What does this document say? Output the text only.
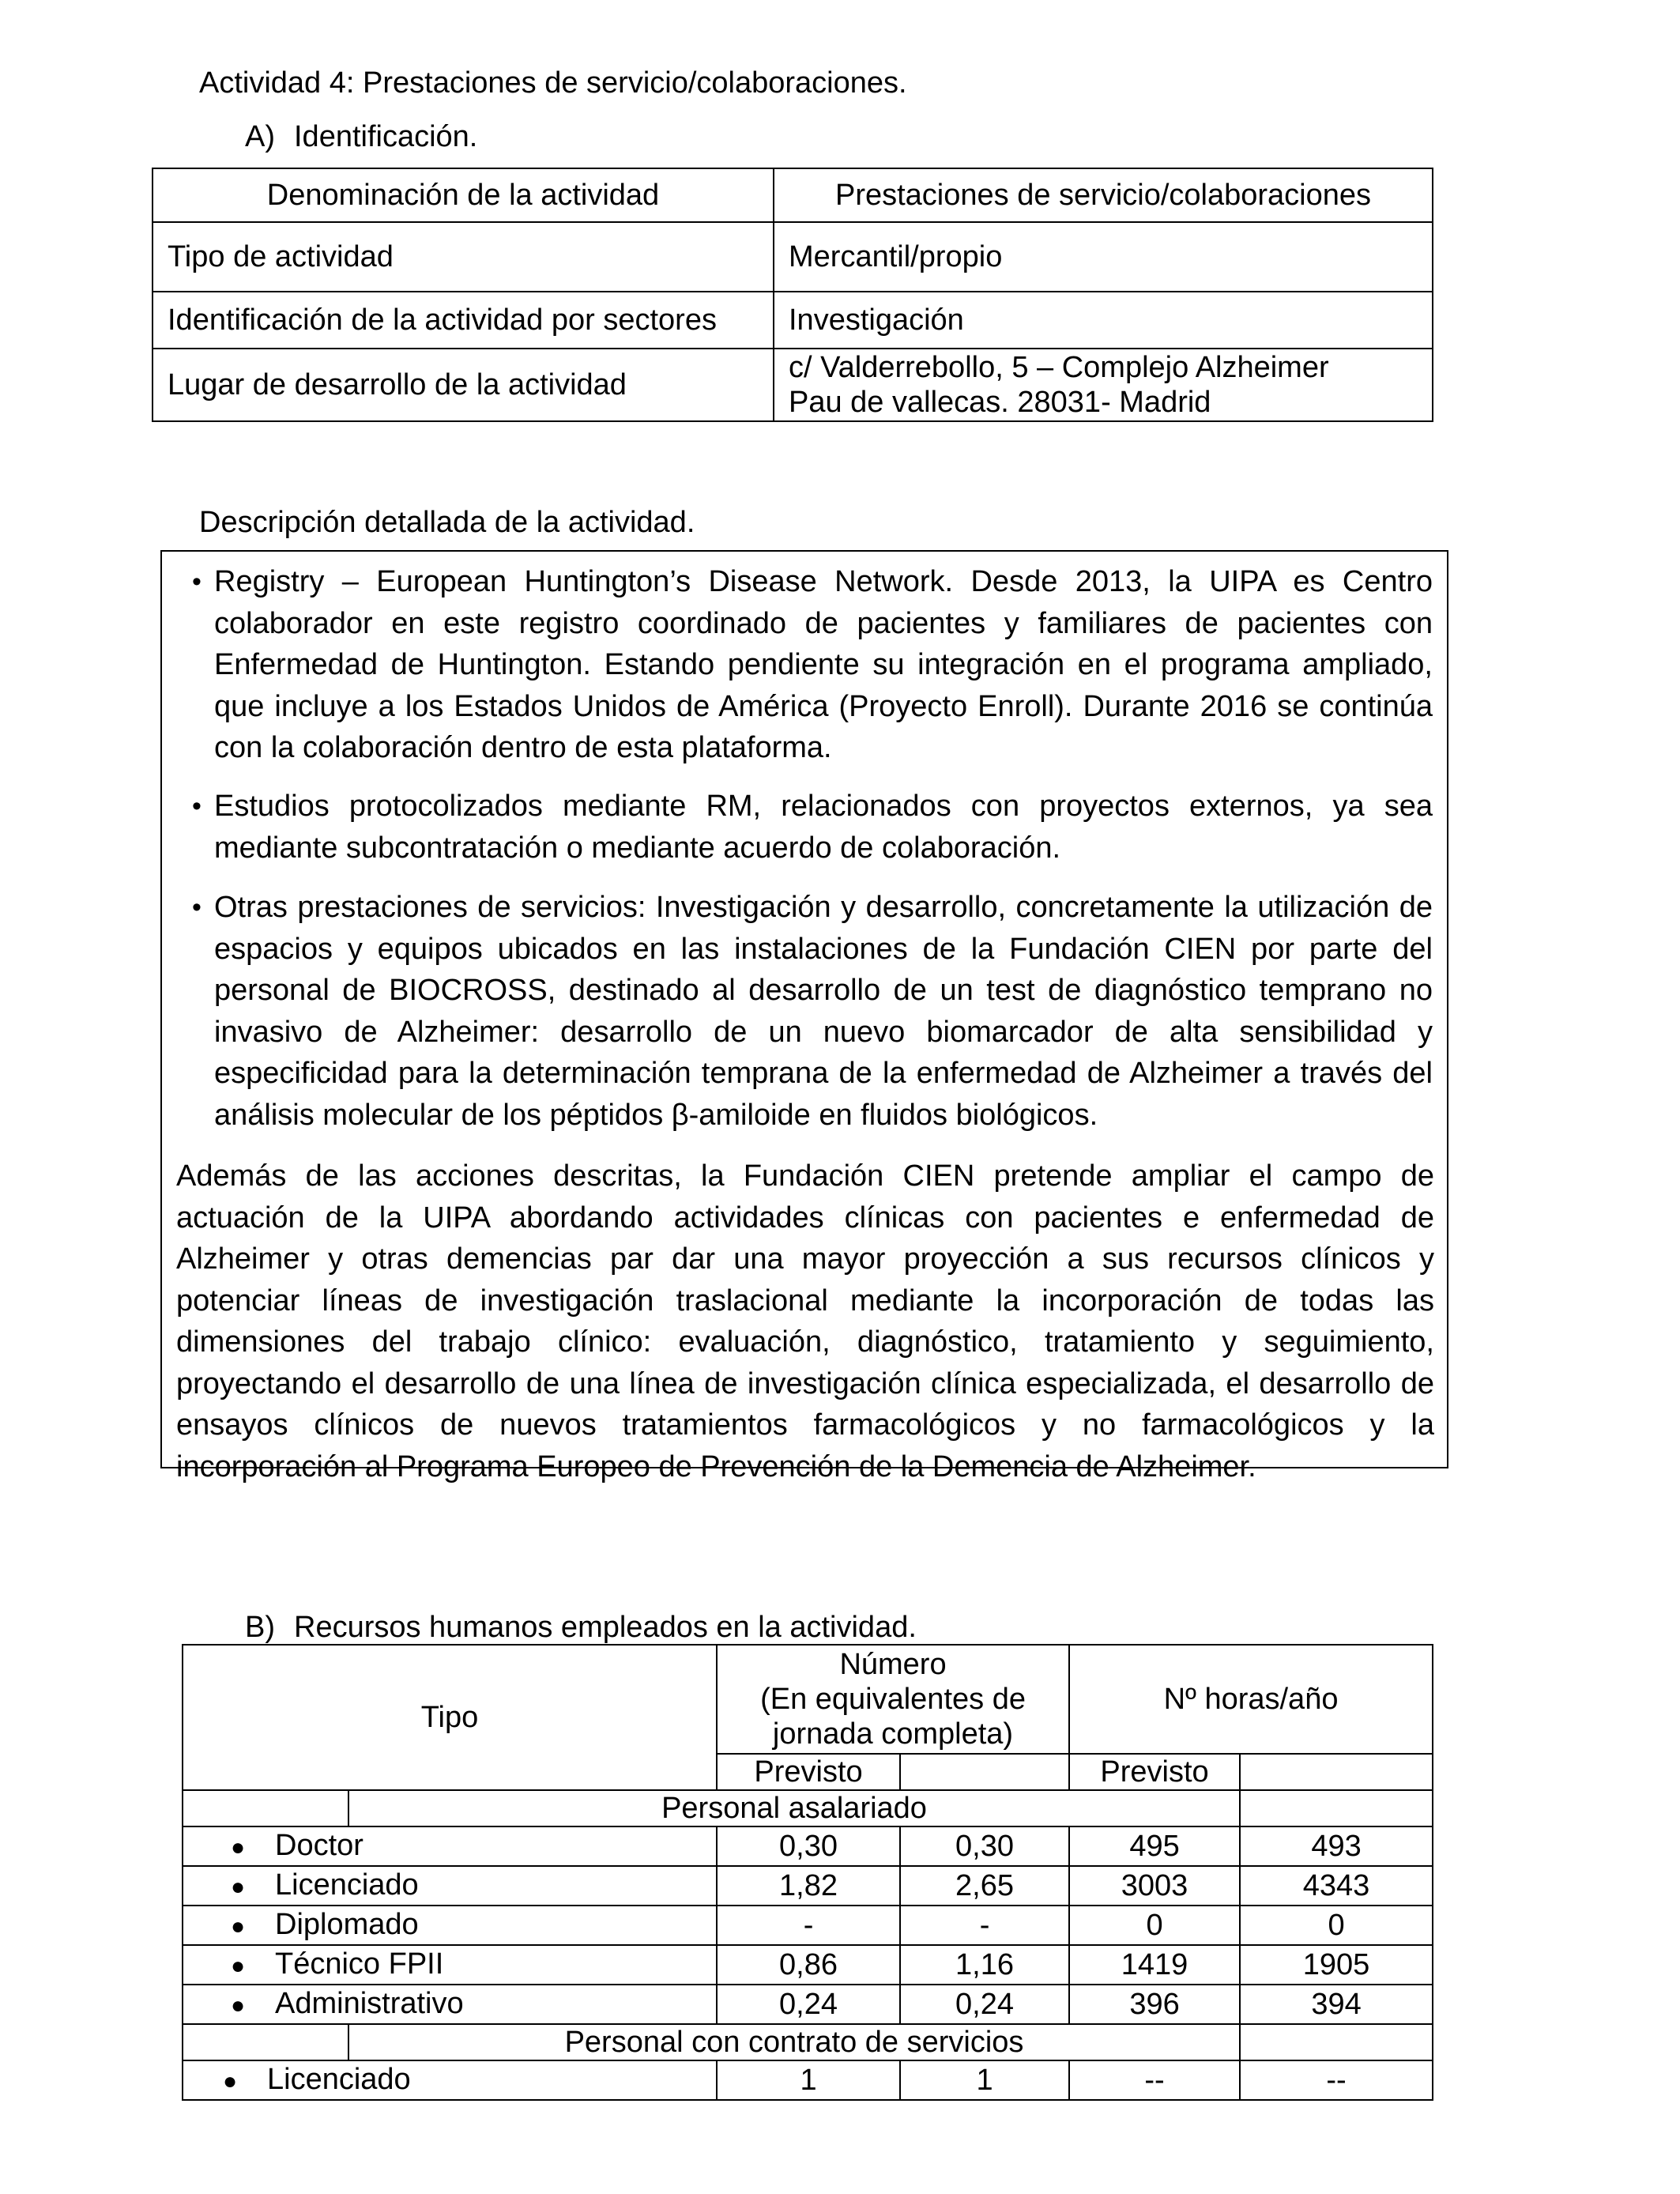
Actividad 4: Prestaciones de servicio/colaboraciones.
A) Identificación.
Denominación de la actividad	Prestaciones de servicio/colaboraciones
Tipo de actividad	Mercantil/propio
Identificación de la actividad por sectores	Investigación
Lugar de desarrollo de la actividad	c/ Valderrebollo, 5 – Complejo Alzheimer
Pau de vallecas. 28031- Madrid
Descripción detallada de la actividad.
• Registry – European Huntington’s Disease Network. Desde 2013, la UIPA es Centro colaborador en este registro coordinado de pacientes y familiares de pacientes con Enfermedad de Huntington. Estando pendiente su integración en el programa ampliado, que incluye a los Estados Unidos de América (Proyecto Enroll). Durante 2016 se continúa con la colaboración dentro de esta plataforma.
• Estudios protocolizados mediante RM, relacionados con proyectos externos, ya sea mediante subcontratación o mediante acuerdo de colaboración.
• Otras prestaciones de servicios: Investigación y desarrollo, concretamente la utilización de espacios y equipos ubicados en las instalaciones de la Fundación CIEN por parte del personal de BIOCROSS, destinado al desarrollo de un test de diagnóstico temprano no invasivo de Alzheimer: desarrollo de un nuevo biomarcador de alta sensibilidad y especificidad para la determinación temprana de la enfermedad de Alzheimer a través del análisis molecular de los péptidos β-amiloide en fluidos biológicos.
Además de las acciones descritas, la Fundación CIEN pretende ampliar el campo de actuación de la UIPA abordando actividades clínicas con pacientes e enfermedad de Alzheimer y otras demencias par dar una mayor proyección a sus recursos clínicos y potenciar líneas de investigación traslacional mediante la incorporación de todas las dimensiones del trabajo clínico: evaluación, diagnóstico, tratamiento y seguimiento, proyectando el desarrollo de una línea de investigación clínica especializada, el desarrollo de ensayos clínicos de nuevos tratamientos farmacológicos y no farmacológicos y la incorporación al Programa Europeo de Prevención de la Demencia de Alzheimer.
B) Recursos humanos empleados en la actividad.
Tipo		Número
(En equivalentes de
jornada completa)		Nº horas/año	
		Previsto		Previsto	
	Personal asalariado				
● Doctor		0,30	0,30	495	493
● Licenciado		1,82	2,65	3003	4343
● Diplomado		-	-	0	0
● Técnico FPII		0,86	1,16	1419	1905
● Administrativo		0,24	0,24	396	394
	Personal con contrato de servicios				
● Licenciado		1	1	--	--
